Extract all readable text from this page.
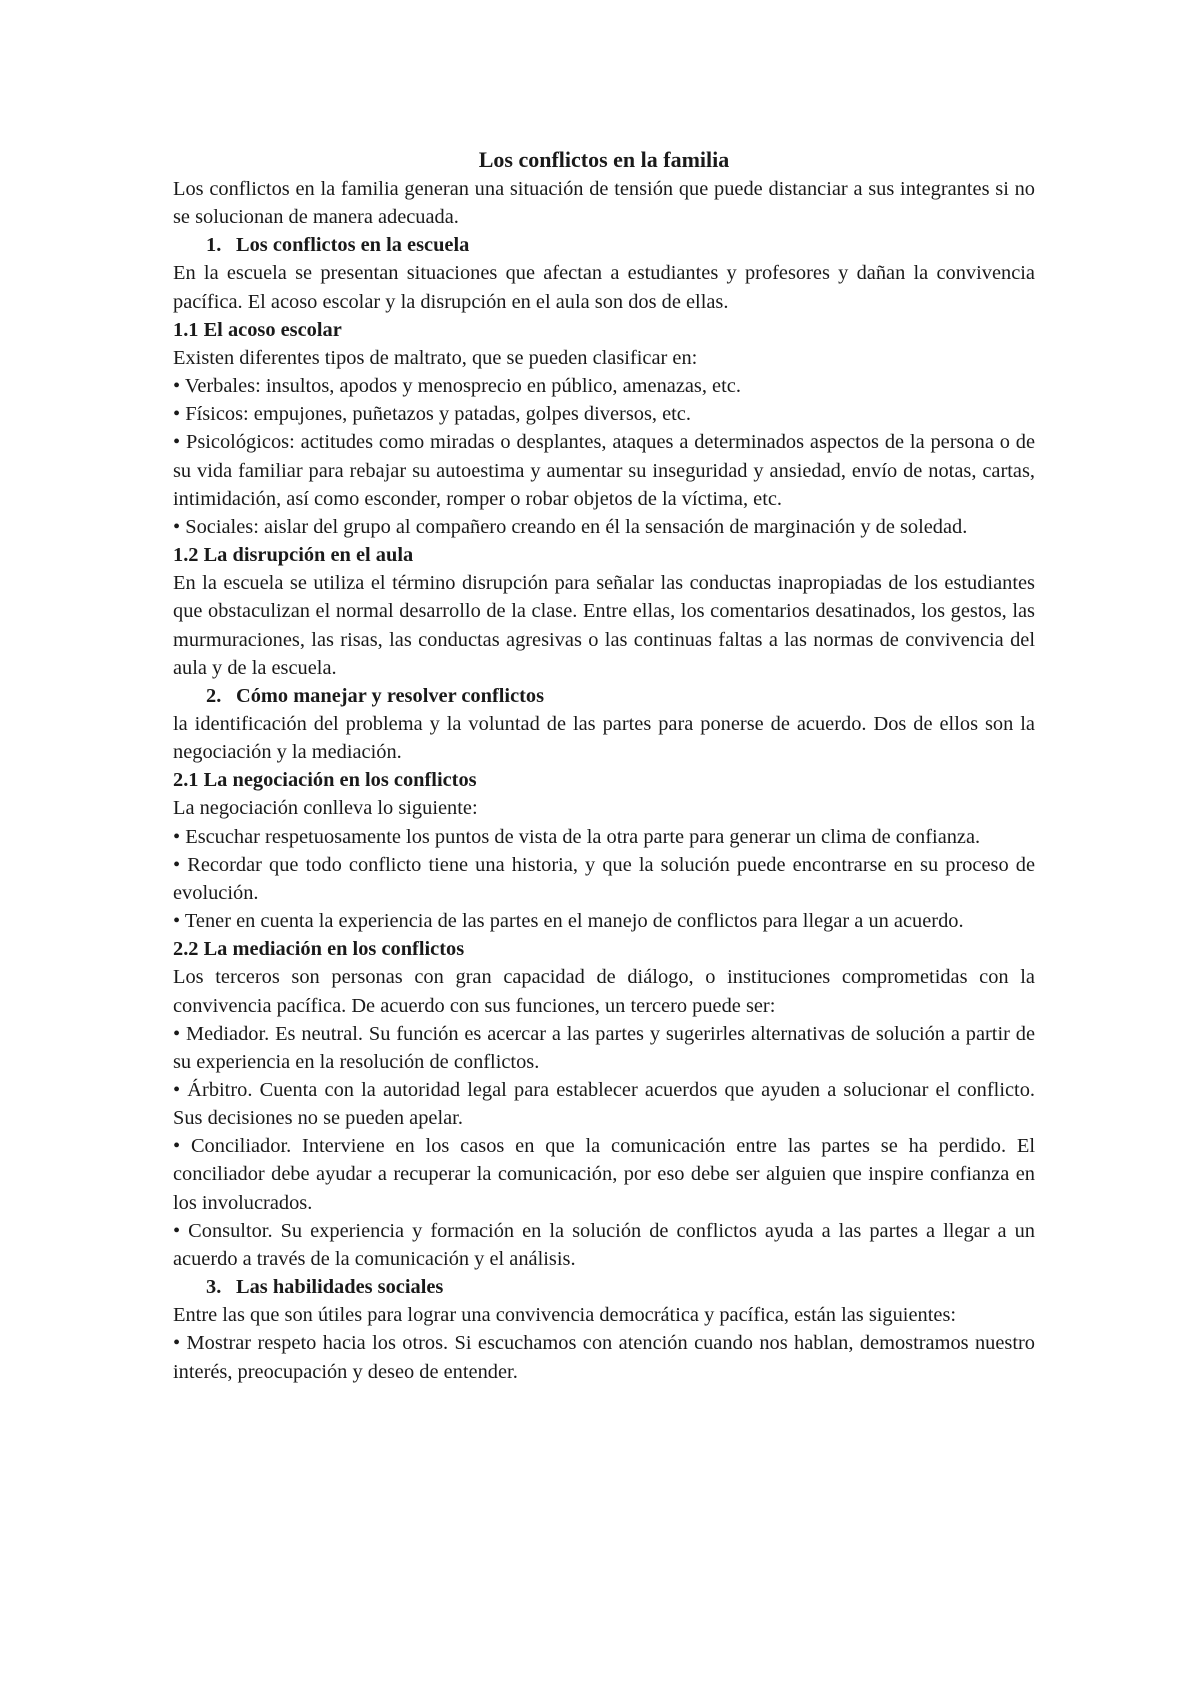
Los conflictos en la familia

Los conflictos en la familia generan una situación de tensión que puede distanciar a sus integrantes si no se solucionan de manera adecuada.

1. Los conflictos en la escuela

En la escuela se presentan situaciones que afectan a estudiantes y profesores y dañan la convivencia pacífica. El acoso escolar y la disrupción en el aula son dos de ellas.

1.1 El acoso escolar

Existen diferentes tipos de maltrato, que se pueden clasificar en:

• Verbales: insultos, apodos y menosprecio en público, amenazas, etc.

• Físicos: empujones, puñetazos y patadas, golpes diversos, etc.

• Psicológicos: actitudes como miradas o desplantes, ataques a determinados aspectos de la persona o de su vida familiar para rebajar su autoestima y aumentar su inseguridad y ansiedad, envío de notas, cartas, intimidación, así como esconder, romper o robar objetos de la víctima, etc.

• Sociales: aislar del grupo al compañero creando en él la sensación de marginación y de soledad.

1.2 La disrupción en el aula

En la escuela se utiliza el término disrupción para señalar las conductas inapropiadas de los estudiantes que obstaculizan el normal desarrollo de la clase. Entre ellas, los comentarios desatinados, los gestos, las murmuraciones, las risas, las conductas agresivas o las continuas faltas a las normas de convivencia del aula y de la escuela.

2. Cómo manejar y resolver conflictos

la identificación del problema y la voluntad de las partes para ponerse de acuerdo. Dos de ellos son la negociación y la mediación.

2.1 La negociación en los conflictos

La negociación conlleva lo siguiente:

• Escuchar respetuosamente los puntos de vista de la otra parte para generar un clima de confianza.

• Recordar que todo conflicto tiene una historia, y que la solución puede encontrarse en su proceso de evolución.

• Tener en cuenta la experiencia de las partes en el manejo de conflictos para llegar a un acuerdo.

2.2 La mediación en los conflictos

Los terceros son personas con gran capacidad de diálogo, o instituciones comprometidas con la convivencia pacífica. De acuerdo con sus funciones, un tercero puede ser:

• Mediador. Es neutral. Su función es acercar a las partes y sugerirles alternativas de solución a partir de su experiencia en la resolución de conflictos.

• Árbitro. Cuenta con la autoridad legal para establecer acuerdos que ayuden a solucionar el conflicto. Sus decisiones no se pueden apelar.

• Conciliador. Interviene en los casos en que la comunicación entre las partes se ha perdido. El conciliador debe ayudar a recuperar la comunicación, por eso debe ser alguien que inspire confianza en los involucrados.

• Consultor. Su experiencia y formación en la solución de conflictos ayuda a las partes a llegar a un acuerdo a través de la comunicación y el análisis.

3. Las habilidades sociales

Entre las que son útiles para lograr una convivencia democrática y pacífica, están las siguientes:

• Mostrar respeto hacia los otros. Si escuchamos con atención cuando nos hablan, demostramos nuestro interés, preocupación y deseo de entender.
